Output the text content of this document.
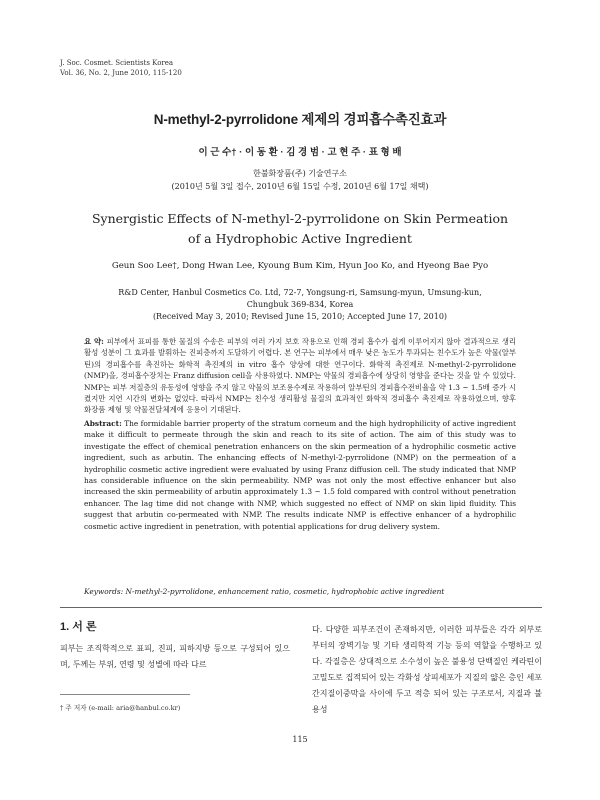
J. Soc. Cosmet. Scientists Korea
Vol. 36, No. 2, June 2010, 115-120
N-methyl-2-pyrrolidone 제제의 경피흡수촉진효과
이 근 수† · 이 동 환 · 김 경 범 · 고 현 주 · 표 형 배
한불화장품(주) 기술연구소
(2010년 5월 3일 접수, 2010년 6월 15일 수정, 2010년 6월 17일 채택)
Synergistic Effects of N-methyl-2-pyrrolidone on Skin Permeation
of a Hydrophobic Active Ingredient
Geun Soo Lee†, Dong Hwan Lee, Kyoung Bum Kim, Hyun Joo Ko, and Hyeong Bae Pyo
R&D Center, Hanbul Cosmetics Co. Ltd, 72-7, Yongsung-ri, Samsung-myun, Umsung-kun,
Chungbuk 369-834, Korea
(Received May 3, 2010; Revised June 15, 2010; Accepted June 17, 2010)
요 약: 피부에서 표피를 통한 물질의 수송은 피부의 여러 가지 보호 작용으로 인해 경피 흡수가 쉽게 이루어지지 않아 결과적으로 생리 활성 성분이 그 효과를 발휘하는 진피층까지 도달하기 어렵다. 본 연구는 피부에서 매우 낮은 농도가 투과되는 친수도가 높은 약물(알부틴)의 경피흡수를 촉진하는 화학적 촉진제의 in vitro 흡수 양상에 대한 연구이다. 화학적 촉진제로 N-methyl-2-pyrrolidone (NMP)을, 경피흡수장치는 Franz diffusion cell을 사용하였다. NMP는 약물의 경피흡수에 상당히 영향을 준다는 것을 알 수 있었다. NMP는 피부 저질층의 유동성에 영향을 주지 않고 약물의 보조용수제로 작용하여 알부틴의 경피흡수전비율을 약 1.3 ~ 1.5배 증가 시켰지만 지연 시간의 변화는 없었다. 따라서 NMP는 친수성 생리활성 물질의 효과적인 화학적 경피흡수 촉진제로 작용하였으며, 향후 화장품 제형 및 약물전달체계에 응용이 기대된다.
Abstract: The formidable barrier property of the stratum corneum and the high hydrophilicity of active ingredient make it difficult to permeate through the skin and reach to its site of action. The aim of this study was to investigate the effect of chemical penetration enhancers on the skin permeation of a hydrophilic cosmetic active ingredient, such as arbutin. The enhancing effects of N-methyl-2-pyrrolidone (NMP) on the permeation of a hydrophilic cosmetic active ingredient were evaluated by using Franz diffusion cell. The study indicated that NMP has considerable influence on the skin permeability. NMP was not only the most effective enhancer but also increased the skin permeability of arbutin approximately 1.3 ~ 1.5 fold compared with control without penetration enhancer. The lag time did not change with NMP, which suggested no effect of NMP on skin lipid fluidity. This suggest that arbutin co-permeated with NMP. The results indicate NMP is effective enhancer of a hydrophilic cosmetic active ingredient in penetration, with potential applications for drug delivery system.
Keywords: N-methyl-2-pyrrolidone, enhancement ratio, cosmetic, hydrophobic active ingredient
1. 서 론
피부는 조직학적으로 표피, 진피, 피하지방 등으로 구성되어 있으며, 두께는 부위, 연령 및 성별에 따라 다르
다. 다양한 피부조건이 존재하지만, 이러한 피부들은 각각 외부로부터의 장벽기능 및 기타 생리학적 기능 등의 역할을 수행하고 있다. 각질층은 상대적으로 소수성이 높은 불용성 단백질인 케라틴이 고밀도로 집적되어 있는 각화성 상피세포가 지질의 얇은 층인 세포간지질이중막을 사이에 두고 적층 되어 있는 구조로서, 지질과 불용성
† 주 저자 (e-mail: aria@hanbul.co.kr)
115
